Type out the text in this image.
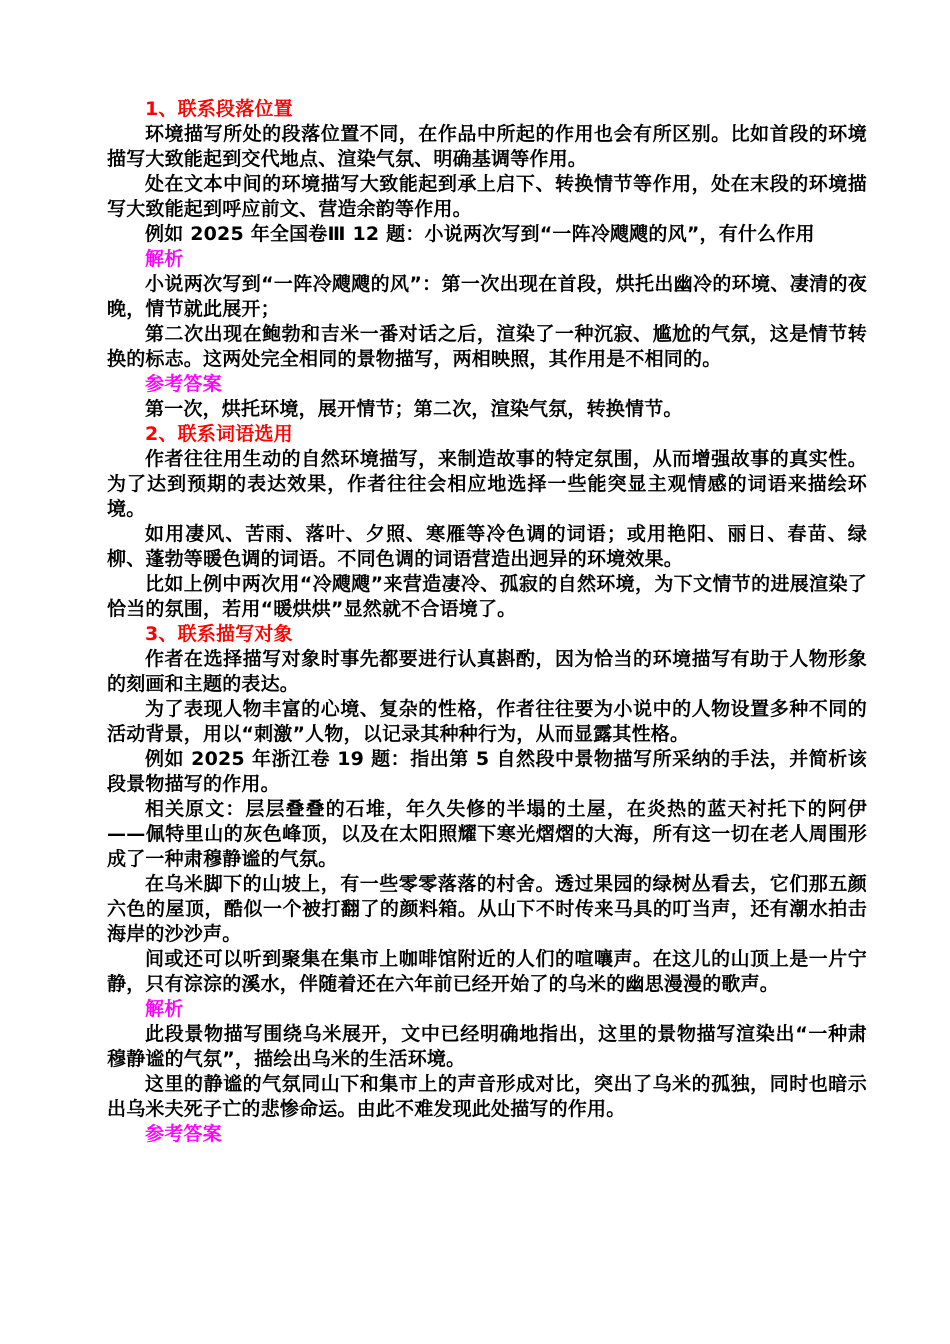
1、联系段落位置

环境描写所处的段落位置不同，在作品中所起的作用也会有所区别。比如首段的环境描写大致能起到交代地点、渲染气氛、明确基调等作用。

处在文本中间的环境描写大致能起到承上启下、转换情节等作用，处在末段的环境描写大致能起到呼应前文、营造余韵等作用。

例如 2025 年全国卷Ⅲ 12 题：小说两次写到“一阵冷飕飕的风”，有什么作用

解析

小说两次写到“一阵冷飕飕的风”：第一次出现在首段，烘托出幽冷的环境、凄清的夜晚，情节就此展开；

第二次出现在鲍勃和吉米一番对话之后，渲染了一种沉寂、尴尬的气氛，这是情节转换的标志。这两处完全相同的景物描写，两相映照，其作用是不相同的。

参考答案

第一次，烘托环境，展开情节；第二次，渲染气氛，转换情节。

2、联系词语选用

作者往往用生动的自然环境描写，来制造故事的特定氛围，从而增强故事的真实性。为了达到预期的表达效果，作者往往会相应地选择一些能突显主观情感的词语来描绘环境。

如用凄风、苦雨、落叶、夕照、寒雁等冷色调的词语；或用艳阳、丽日、春苗、绿柳、蓬勃等暖色调的词语。不同色调的词语营造出迥异的环境效果。

比如上例中两次用“冷飕飕”来营造凄冷、孤寂的自然环境，为下文情节的进展渲染了恰当的氛围，若用“暖烘烘”显然就不合语境了。

3、联系描写对象

作者在选择描写对象时事先都要进行认真斟酌，因为恰当的环境描写有助于人物形象的刻画和主题的表达。

为了表现人物丰富的心境、复杂的性格，作者往往要为小说中的人物设置多种不同的活动背景，用以“刺激”人物，以记录其种种行为，从而显露其性格。

例如 2025 年浙江卷 19 题：指出第 5 自然段中景物描写所采纳的手法，并简析该段景物描写的作用。

相关原文：层层叠叠的石堆，年久失修的半塌的土屋，在炎热的蓝天衬托下的阿伊——佩特里山的灰色峰顶，以及在太阳照耀下寒光熠熠的大海，所有这一切在老人周围形成了一种肃穆静谧的气氛。

在乌米脚下的山坡上，有一些零零落落的村舍。透过果园的绿树丛看去，它们那五颜六色的屋顶，酷似一个被打翻了的颜料箱。从山下不时传来马具的叮当声，还有潮水拍击海岸的沙沙声。

间或还可以听到聚集在集市上咖啡馆附近的人们的喧嚷声。在这儿的山顶上是一片宁静，只有淙淙的溪水，伴随着还在六年前已经开始了的乌米的幽思漫漫的歌声。

解析

此段景物描写围绕乌米展开，文中已经明确地指出，这里的景物描写渲染出“一种肃穆静谧的气氛”，描绘出乌米的生活环境。

这里的静谧的气氛同山下和集市上的声音形成对比，突出了乌米的孤独，同时也暗示出乌米夫死子亡的悲惨命运。由此不难发现此处描写的作用。

参考答案
